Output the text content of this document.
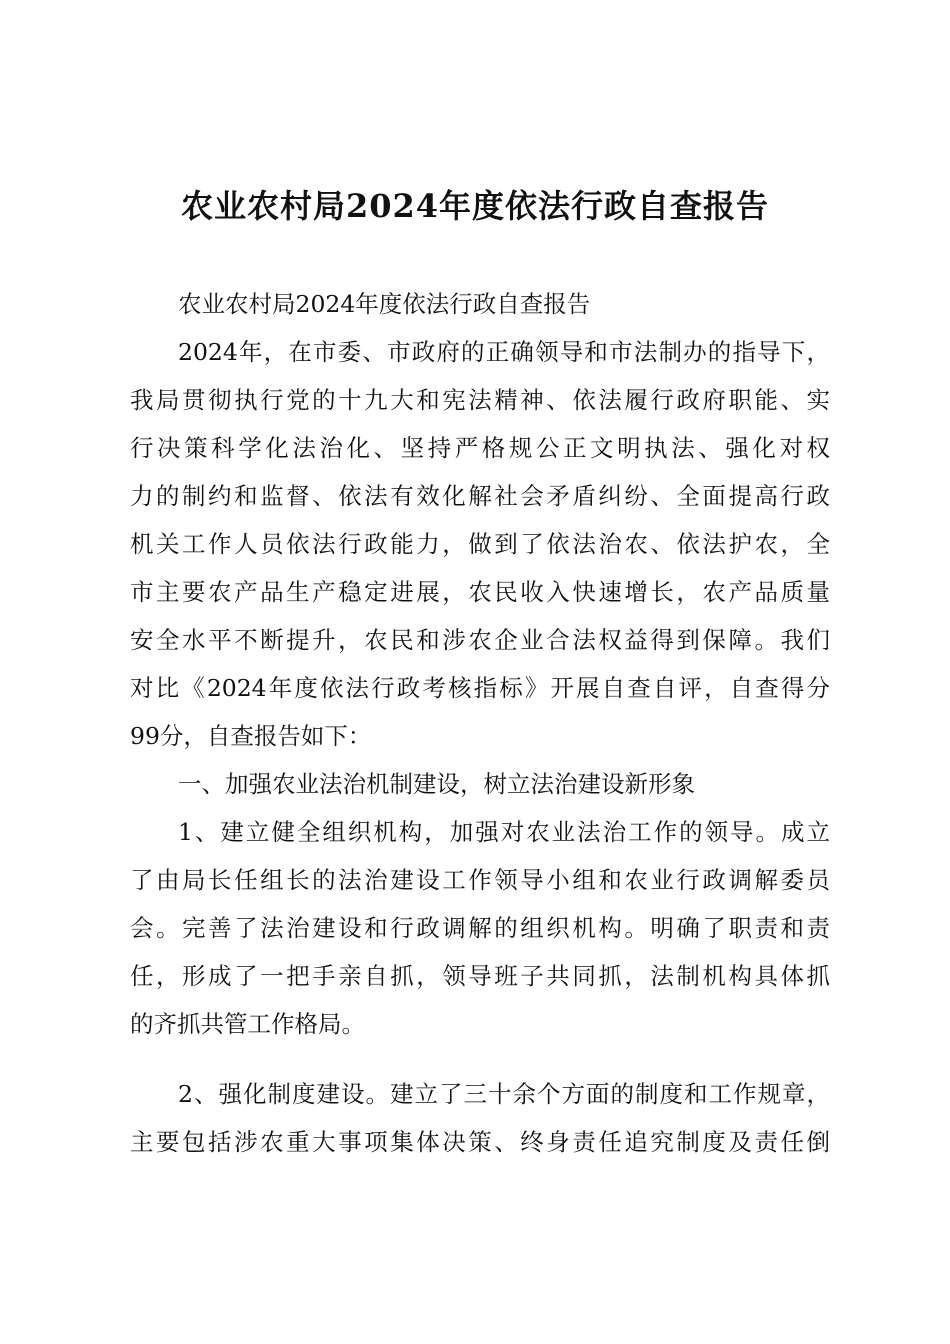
农业农村局2024年度依法行政自查报告
农业农村局2024年度依法行政自查报告
2024年，在市委、市政府的正确领导和市法制办的指导下，
我局贯彻执行党的十九大和宪法精神、依法履行政府职能、实
行决策科学化法治化、坚持严格规公正文明执法、强化对权
力的制约和监督、依法有效化解社会矛盾纠纷、全面提高行政
机关工作人员依法行政能力，做到了依法治农、依法护农，全
市主要农产品生产稳定进展，农民收入快速增长，农产品质量
安全水平不断提升，农民和涉农企业合法权益得到保障。我们
对比《2024年度依法行政考核指标》开展自查自评，自查得分
99分，自查报告如下：
一、加强农业法治机制建设，树立法治建设新形象
1、建立健全组织机构，加强对农业法治工作的领导。成立
了由局长任组长的法治建设工作领导小组和农业行政调解委员
会。完善了法治建设和行政调解的组织机构。明确了职责和责
任，形成了一把手亲自抓，领导班子共同抓，法制机构具体抓
的齐抓共管工作格局。
2、强化制度建设。建立了三十余个方面的制度和工作规章，
主要包括涉农重大事项集体决策、终身责任追究制度及责任倒
